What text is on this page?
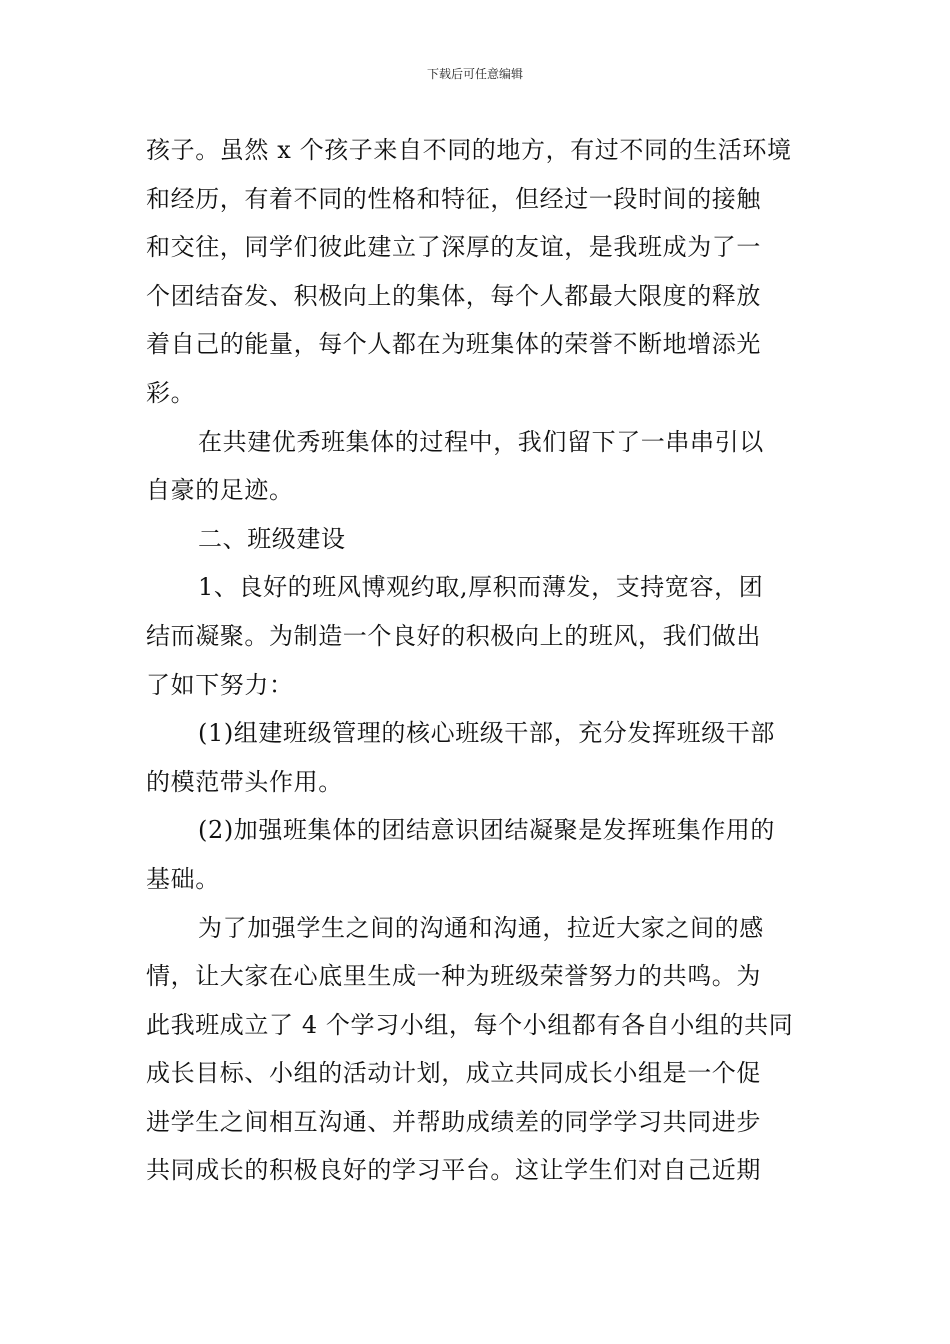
下载后可任意编辑
孩子。虽然 x 个孩子来自不同的地方，有过不同的生活环境
和经历，有着不同的性格和特征，但经过一段时间的接触
和交往，同学们彼此建立了深厚的友谊，是我班成为了一
个团结奋发、积极向上的集体，每个人都最大限度的释放
着自己的能量，每个人都在为班集体的荣誉不断地增添光
彩。
在共建优秀班集体的过程中，我们留下了一串串引以
自豪的足迹。
二、班级建设
1、良好的班风博观约取,厚积而薄发，支持宽容，团
结而凝聚。为制造一个良好的积极向上的班风，我们做出
了如下努力：
(1)组建班级管理的核心班级干部，充分发挥班级干部
的模范带头作用。
(2)加强班集体的团结意识团结凝聚是发挥班集作用的
基础。
为了加强学生之间的沟通和沟通，拉近大家之间的感
情，让大家在心底里生成一种为班级荣誉努力的共鸣。为
此我班成立了 4 个学习小组，每个小组都有各自小组的共同
成长目标、小组的活动计划，成立共同成长小组是一个促
进学生之间相互沟通、并帮助成绩差的同学学习共同进步
共同成长的积极良好的学习平台。这让学生们对自己近期
